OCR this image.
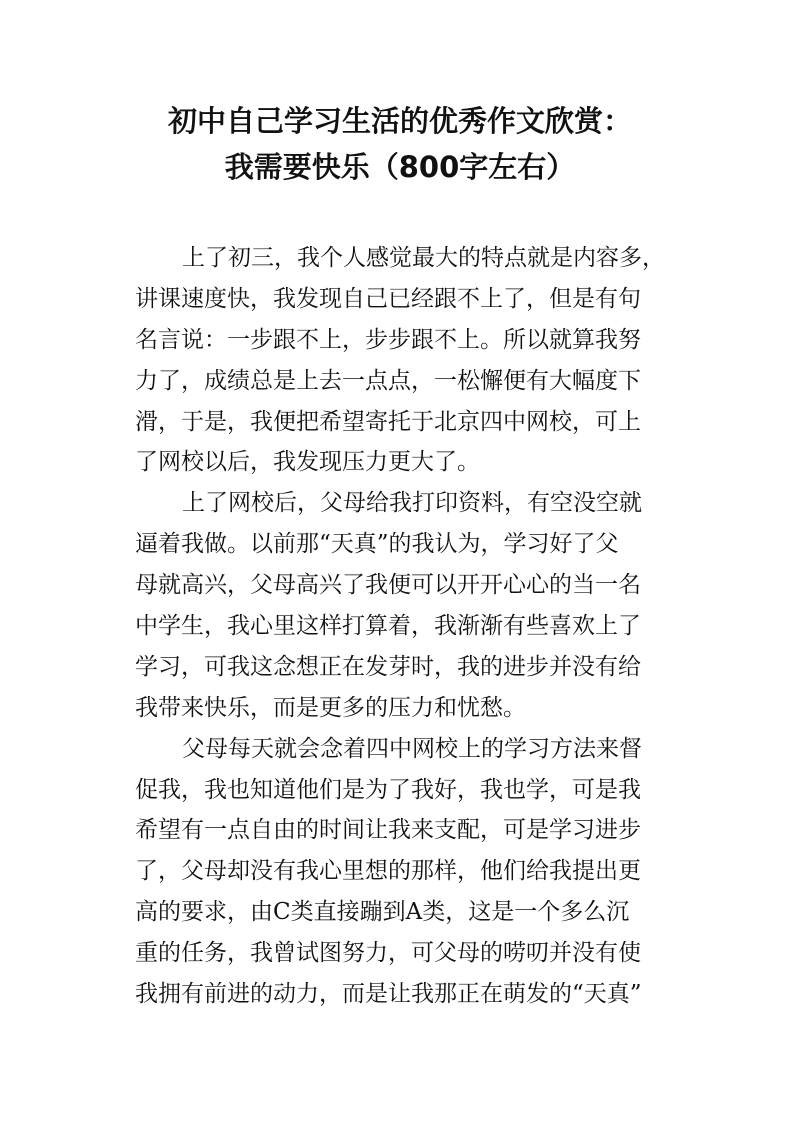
初中自己学习生活的优秀作文欣赏：
我需要快乐（800字左右）
上了初三，我个人感觉最大的特点就是内容多，
讲课速度快，我发现自己已经跟不上了，但是有句
名言说：一步跟不上，步步跟不上。所以就算我努
力了，成绩总是上去一点点，一松懈便有大幅度下
滑，于是，我便把希望寄托于北京四中网校，可上
了网校以后，我发现压力更大了。
上了网校后，父母给我打印资料，有空没空就
逼着我做。以前那“天真”的我认为，学习好了父
母就高兴，父母高兴了我便可以开开心心的当一名
中学生，我心里这样打算着，我渐渐有些喜欢上了
学习，可我这念想正在发芽时，我的进步并没有给
我带来快乐，而是更多的压力和忧愁。
父母每天就会念着四中网校上的学习方法来督
促我，我也知道他们是为了我好，我也学，可是我
希望有一点自由的时间让我来支配，可是学习进步
了，父母却没有我心里想的那样，他们给我提出更
高的要求，由C类直接蹦到A类，这是一个多么沉
重的任务，我曾试图努力，可父母的唠叨并没有使
我拥有前进的动力，而是让我那正在萌发的“天真”
